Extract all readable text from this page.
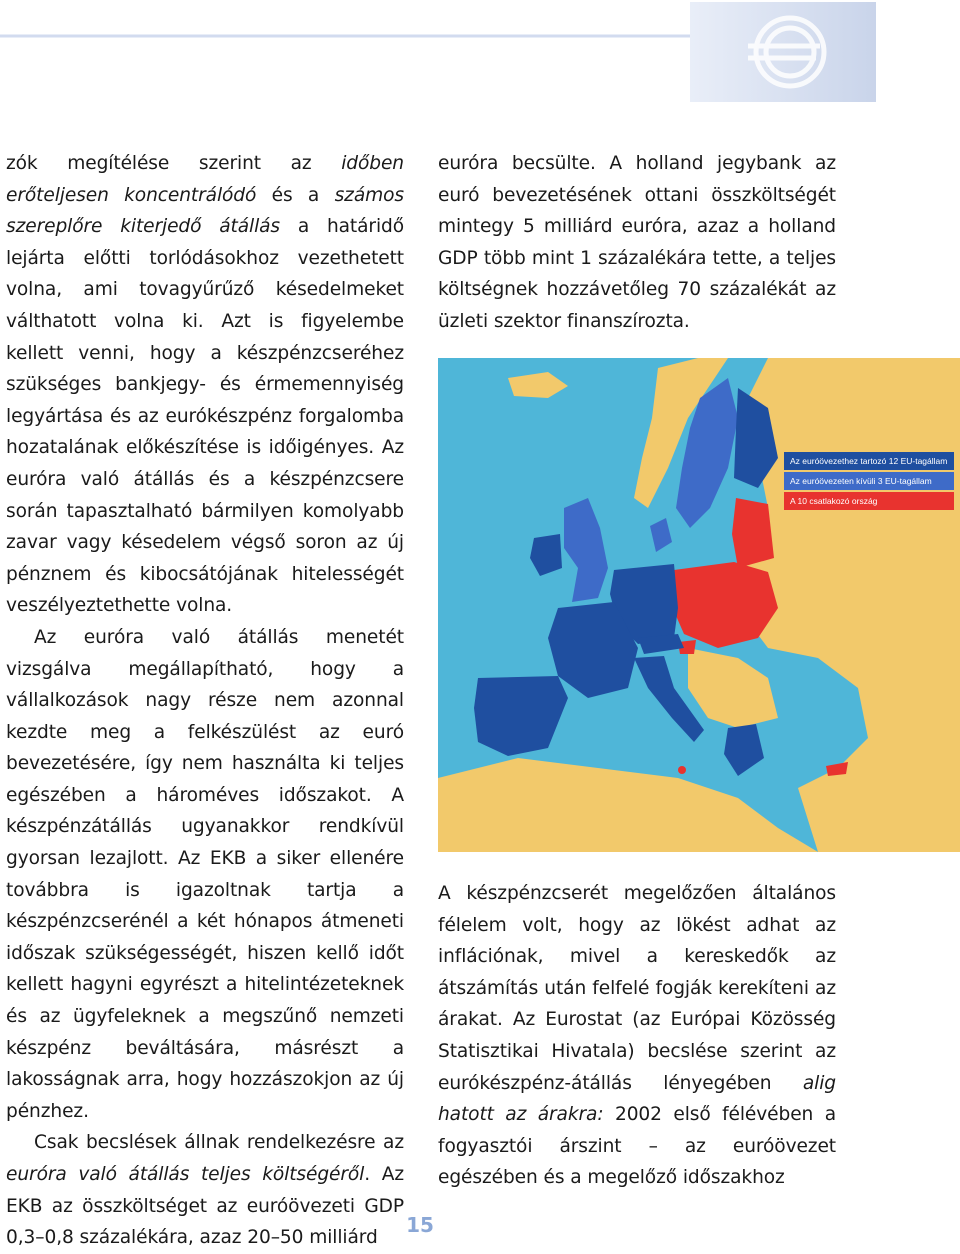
zók megítélése szerint az időben erőteljesen koncentrálódó és a számos szereplőre kiterjedő átállás a határidő lejárta előtti torlódásokhoz vezethetett volna, ami tovagyűrűző késedelmeket válthatott volna ki. Azt is figyelembe kellett venni, hogy a készpénzcseréhez szükséges bankjegy- és érmemennyiség legyártása és az eurókészpénz forgalomba hozatalának előkészítése is időigényes. Az euróra való átállás és a készpénzcsere során tapasztalható bármilyen komolyabb zavar vagy késedelem végső soron az új pénznem és kibocsátójának hitelességét veszélyeztethette volna.

Az euróra való átállás menetét vizsgálva megállapítható, hogy a vállalkozások nagy része nem azonnal kezdte meg a felkészülést az euró bevezetésére, így nem használta ki teljes egészében a hároméves időszakot. A készpénzátállás ugyanakkor rendkívül gyorsan lezajlott. Az EKB a siker ellenére továbbra is igazoltnak tartja a készpénzcserénél a két hónapos átmeneti időszak szükségességét, hiszen kellő időt kellett hagyni egyrészt a hitelintézeteknek és az ügyfeleknek a megszűnő nemzeti készpénz beváltására, másrészt a lakosságnak arra, hogy hozzászokjon az új pénzhez.

Csak becslések állnak rendelkezésre az euróra való átállás teljes költségéről. Az EKB az összköltséget az euróövezeti GDP 0,3–0,8 százalékára, azaz 20–50 milliárd

euróra becsülte. A holland jegybank az euró bevezetésének ottani összköltségét mintegy 5 milliárd euróra, azaz a holland GDP több mint 1 százalékára tette, a teljes költségnek hozzávetőleg 70 százalékát az üzleti szektor finanszírozta.

Az euróövezethez tartozó 12 EU-tagállam
Az euróövezeten kívüli 3 EU-tagállam
A 10 csatlakozó ország

A készpénzcserét megelőzően általános félelem volt, hogy az lökést adhat az inflációnak, mivel a kereskedők az átszámítás után felfelé fogják kerekíteni az árakat. Az Eurostat (az Európai Közösség Statisztikai Hivatala) becslése szerint az eurókészpénz-átállás lényegében alig hatott az árakra: 2002 első félévében a fogyasztói árszint – az euróövezet egészében és a megelőző időszakhoz

15
